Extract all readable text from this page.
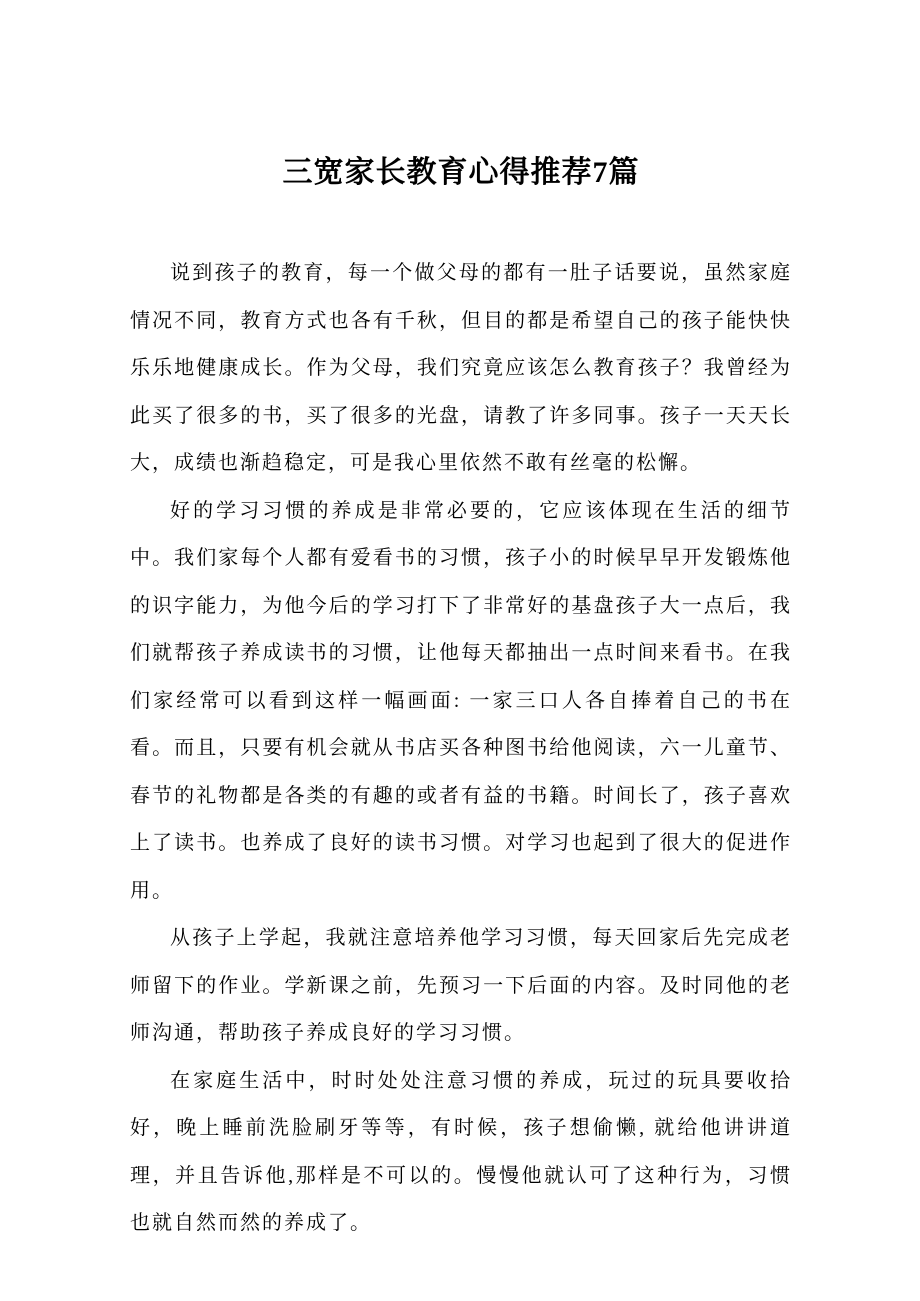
三宽家长教育心得推荐7篇

说到孩子的教育，每一个做父母的都有一肚子话要说，虽然家庭情况不同，教育方式也各有千秋，但目的都是希望自己的孩子能快快乐乐地健康成长。作为父母，我们究竟应该怎么教育孩子？我曾经为此买了很多的书，买了很多的光盘，请教了许多同事。孩子一天天长大，成绩也渐趋稳定，可是我心里依然不敢有丝毫的松懈。

好的学习习惯的养成是非常必要的，它应该体现在生活的细节中。我们家每个人都有爱看书的习惯，孩子小的时候早早开发锻炼他的识字能力，为他今后的学习打下了非常好的基盘孩子大一点后，我们就帮孩子养成读书的习惯，让他每天都抽出一点时间来看书。在我们家经常可以看到这样一幅画面: 一家三口人各自捧着自己的书在看。而且，只要有机会就从书店买各种图书给他阅读，六一儿童节、春节的礼物都是各类的有趣的或者有益的书籍。时间长了，孩子喜欢上了读书。也养成了良好的读书习惯。对学习也起到了很大的促进作用。

从孩子上学起，我就注意培养他学习习惯，每天回家后先完成老师留下的作业。学新课之前，先预习一下后面的内容。及时同他的老师沟通，帮助孩子养成良好的学习习惯。

在家庭生活中，时时处处注意习惯的养成，玩过的玩具要收拾好，晚上睡前洗脸刷牙等等，有时候，孩子想偷懒, 就给他讲讲道理，并且告诉他,那样是不可以的。慢慢他就认可了这种行为，习惯也就自然而然的养成了。
